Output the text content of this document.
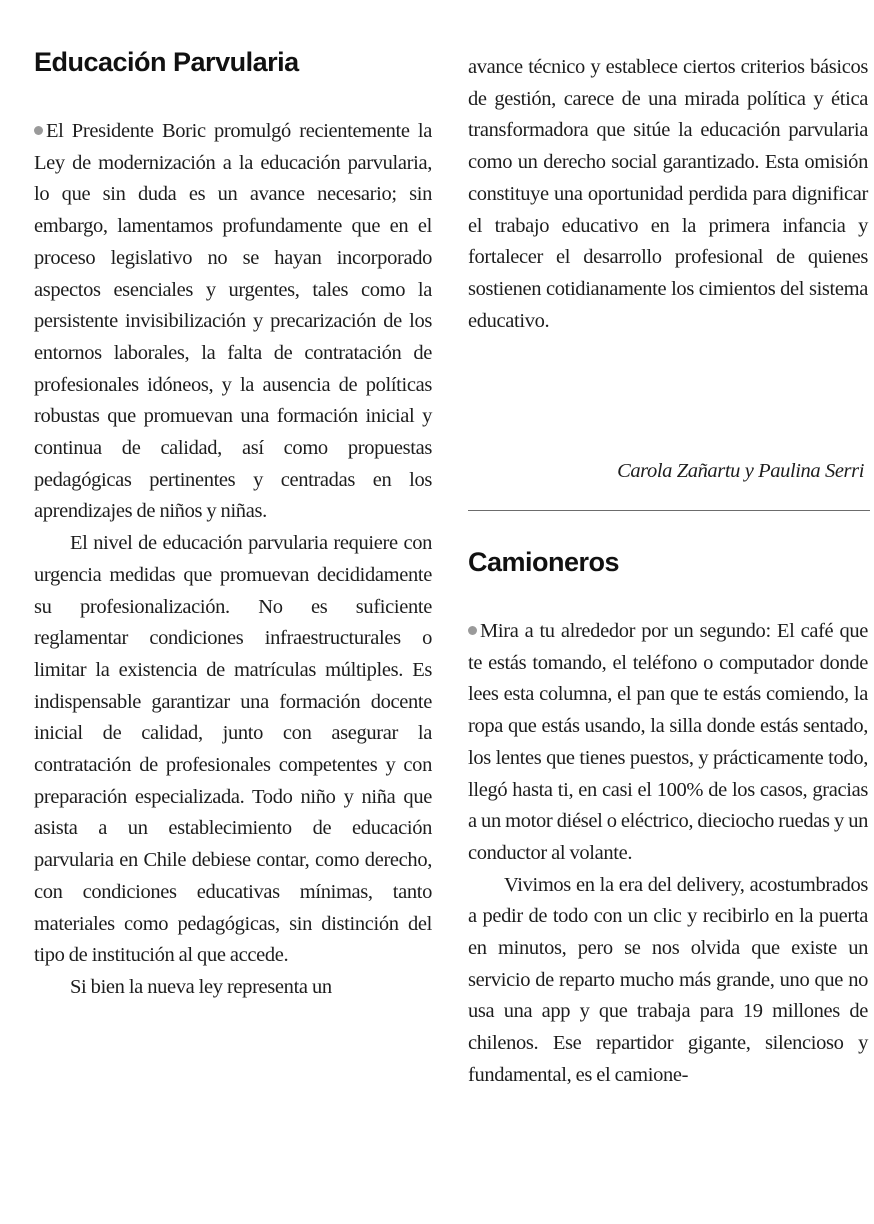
Educación Parvularia

El Presidente Boric promulgó recientemente la Ley de modernización a la educación parvularia, lo que sin duda es un avance necesario; sin embargo, lamentamos profundamente que en el proceso legislativo no se hayan incorporado aspectos esenciales y urgentes, tales como la persistente invisibilización y precarización de los entornos laborales, la falta de contratación de profesionales idóneos, y la ausencia de políticas robustas que promuevan una formación inicial y continua de calidad, así como propuestas pedagógicas pertinentes y centradas en los aprendizajes de niños y niñas.

El nivel de educación parvularia requiere con urgencia medidas que promuevan decididamente su profesionalización. No es suficiente reglamentar condiciones infraestructurales o limitar la existencia de matrículas múltiples. Es indispensable garantizar una formación docente inicial de calidad, junto con asegurar la contratación de profesionales competentes y con preparación especializada. Todo niño y niña que asista a un establecimiento de educación parvularia en Chile debiese contar, como derecho, con condiciones educativas mínimas, tanto materiales como pedagógicas, sin distinción del tipo de institución al que accede.

Si bien la nueva ley representa un

avance técnico y establece ciertos criterios básicos de gestión, carece de una mirada política y ética transformadora que sitúe la educación parvularia como un derecho social garantizado. Esta omisión constituye una oportunidad perdida para dignificar el trabajo educativo en la primera infancia y fortalecer el desarrollo profesional de quienes sostienen cotidianamente los cimientos del sistema educativo.

Carola Zañartu y Paulina Serri
Camioneros

Mira a tu alrededor por un segundo: El café que te estás tomando, el teléfono o computador donde lees esta columna, el pan que te estás comiendo, la ropa que estás usando, la silla donde estás sentado, los lentes que tienes puestos, y prácticamente todo, llegó hasta ti, en casi el 100% de los casos, gracias a un motor diésel o eléctrico, dieciocho ruedas y un conductor al volante.

Vivimos en la era del delivery, acostumbrados a pedir de todo con un clic y recibirlo en la puerta en minutos, pero se nos olvida que existe un servicio de reparto mucho más grande, uno que no usa una app y que trabaja para 19 millones de chilenos. Ese repartidor gigante, silencioso y fundamental, es el camione-
